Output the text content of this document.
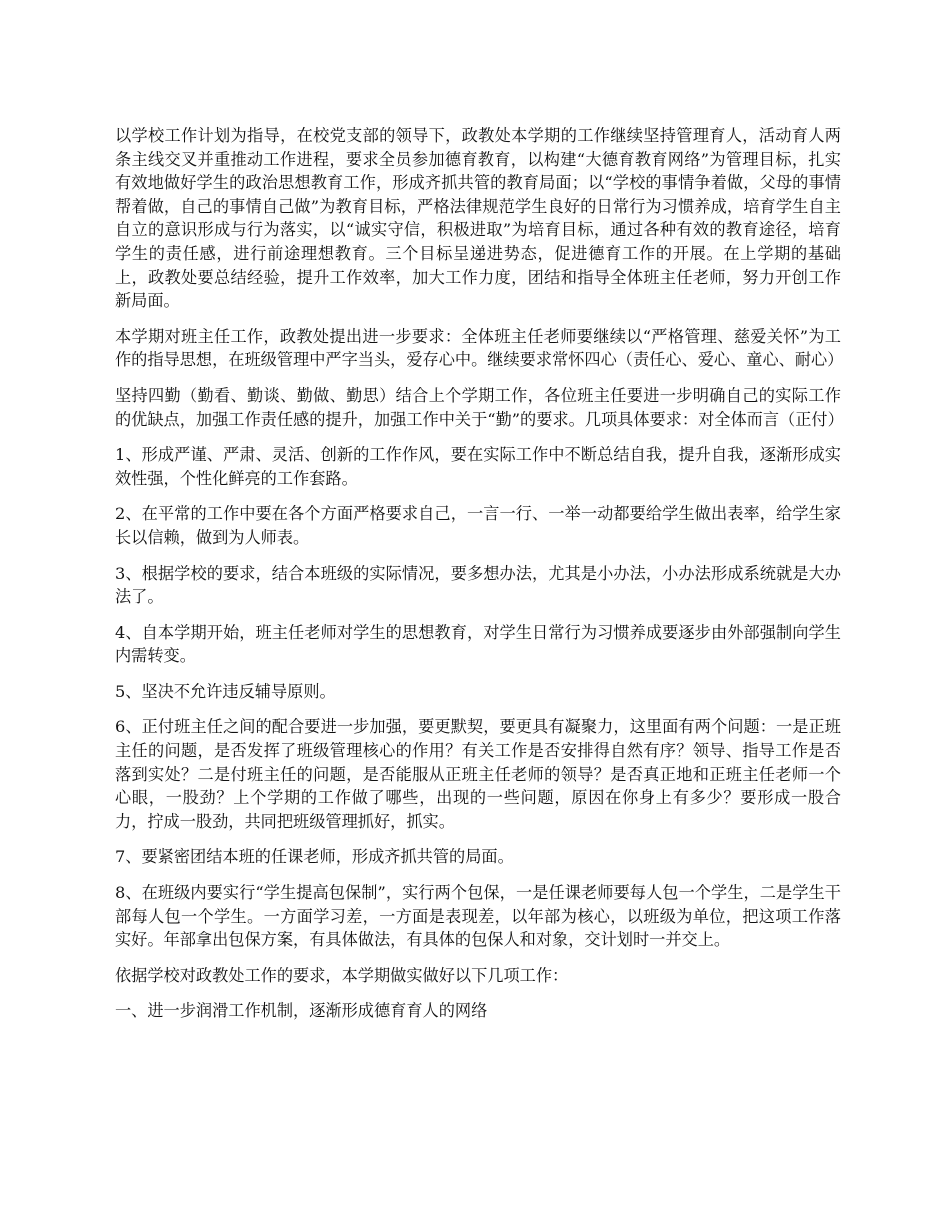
以学校工作计划为指导，在校党支部的领导下，政教处本学期的工作继续坚持管理育人，活动育人两条主线交叉并重推动工作进程，要求全员参加德育教育，以构建“大德育教育网络”为管理目标，扎实有效地做好学生的政治思想教育工作，形成齐抓共管的教育局面；以“学校的事情争着做，父母的事情帮着做，自己的事情自己做”为教育目标，严格法律规范学生良好的日常行为习惯养成，培育学生自主自立的意识形成与行为落实，以“诚实守信，积极进取”为培育目标，通过各种有效的教育途径，培育学生的责任感，进行前途理想教育。三个目标呈递进势态，促进德育工作的开展。在上学期的基础上，政教处要总结经验，提升工作效率，加大工作力度，团结和指导全体班主任老师，努力开创工作新局面。

本学期对班主任工作，政教处提出进一步要求：全体班主任老师要继续以“严格管理、慈爱关怀”为工作的指导思想，在班级管理中严字当头，爱存心中。继续要求常怀四心（责任心、爱心、童心、耐心）

坚持四勤（勤看、勤谈、勤做、勤思）结合上个学期工作，各位班主任要进一步明确自己的实际工作的优缺点，加强工作责任感的提升，加强工作中关于“勤”的要求。几项具体要求：对全体而言（正付）

1、形成严谨、严肃、灵活、创新的工作作风，要在实际工作中不断总结自我，提升自我，逐渐形成实效性强，个性化鲜亮的工作套路。

2、在平常的工作中要在各个方面严格要求自己，一言一行、一举一动都要给学生做出表率，给学生家长以信赖，做到为人师表。

3、根据学校的要求，结合本班级的实际情况，要多想办法，尤其是小办法，小办法形成系统就是大办法了。

4、自本学期开始，班主任老师对学生的思想教育，对学生日常行为习惯养成要逐步由外部强制向学生内需转变。

5、坚决不允许违反辅导原则。

6、正付班主任之间的配合要进一步加强，要更默契，要更具有凝聚力，这里面有两个问题：一是正班主任的问题，是否发挥了班级管理核心的作用？有关工作是否安排得自然有序？领导、指导工作是否落到实处？二是付班主任的问题，是否能服从正班主任老师的领导？是否真正地和正班主任老师一个心眼，一股劲？上个学期的工作做了哪些，出现的一些问题，原因在你身上有多少？要形成一股合力，拧成一股劲，共同把班级管理抓好，抓实。

7、要紧密团结本班的任课老师，形成齐抓共管的局面。

8、在班级内要实行“学生提高包保制”，实行两个包保，一是任课老师要每人包一个学生，二是学生干部每人包一个学生。一方面学习差，一方面是表现差，以年部为核心，以班级为单位，把这项工作落实好。年部拿出包保方案，有具体做法，有具体的包保人和对象，交计划时一并交上。

依据学校对政教处工作的要求，本学期做实做好以下几项工作：

一、进一步润滑工作机制，逐渐形成德育育人的网络
